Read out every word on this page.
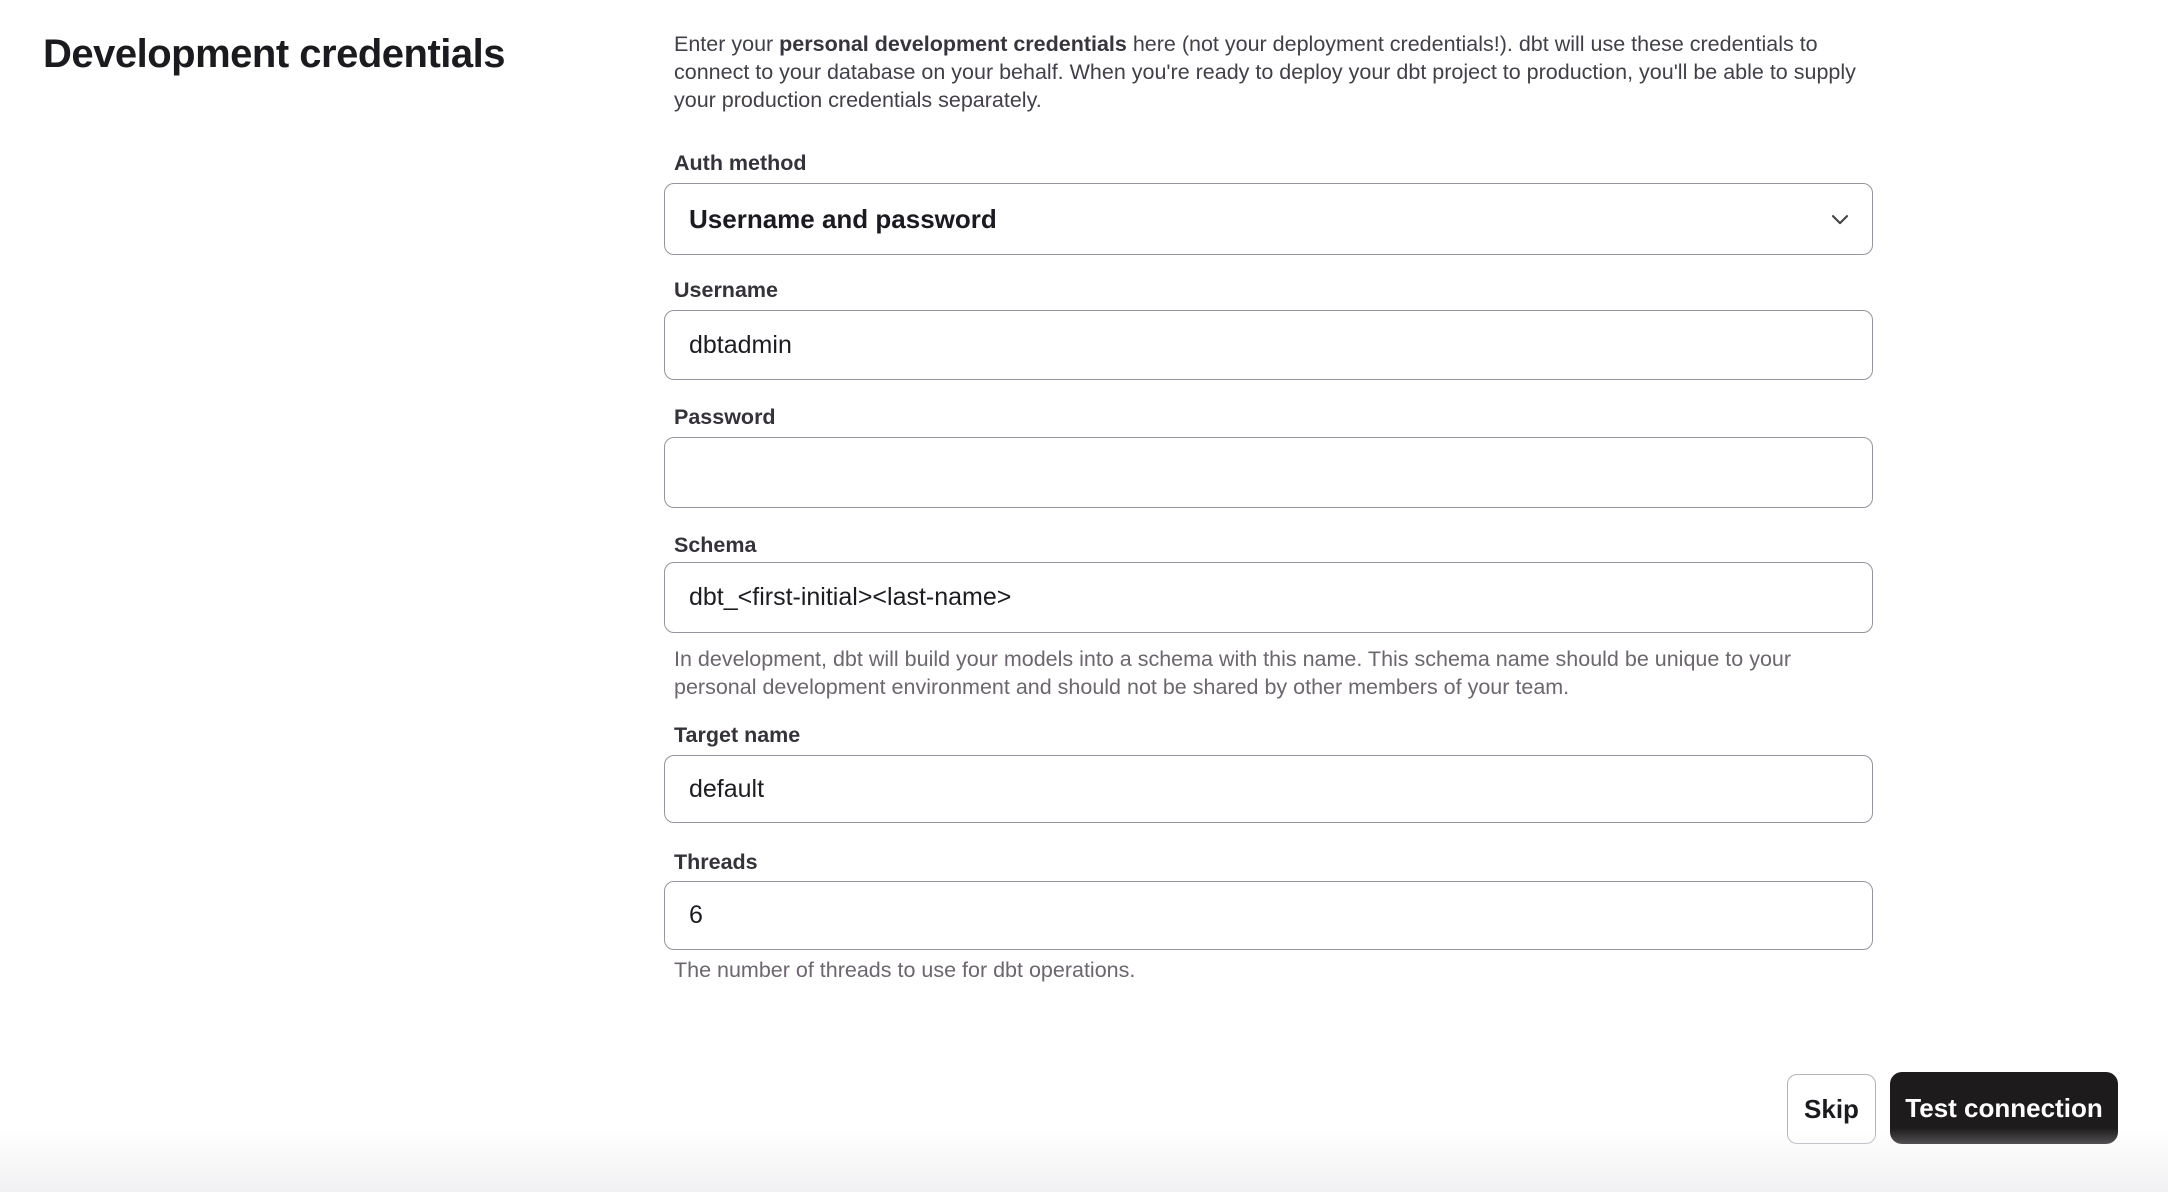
Development credentials	Enter your personal development credentials here (not your deployment credentials!). dbt will use these credentials to connect to your database on your behalf. When you're ready to deploy your dbt project to production, you'll be able to supply your production credentials separately.
Auth method
Username and password
Username
dbtadmin
Password
Schema
dbt_<first-initial><last-name>
In development, dbt will build your models into a schema with this name. This schema name should be unique to your personal development environment and should not be shared by other members of your team.
Target name
default
Threads
6
The number of threads to use for dbt operations.
Skip	Test connection
